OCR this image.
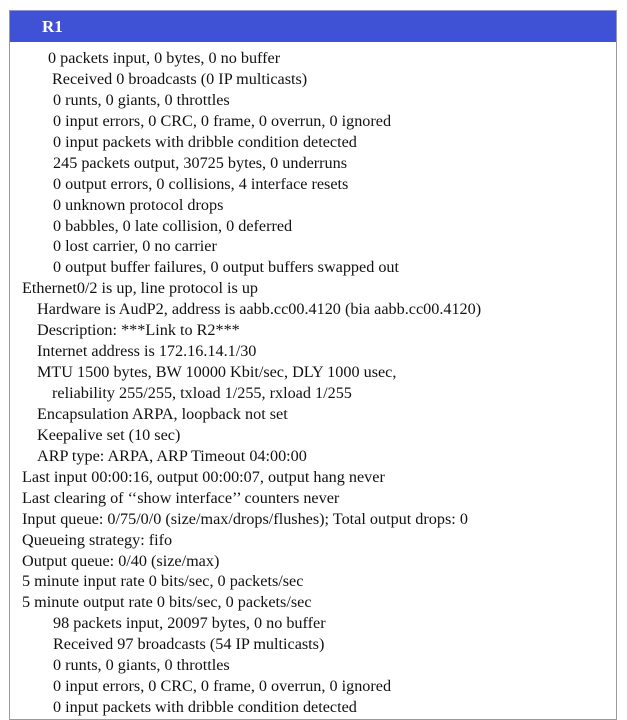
R1
0 packets input, 0 bytes, 0 no buffer
Received 0 broadcasts (0 IP multicasts)
0 runts, 0 giants, 0 throttles
0 input errors, 0 CRC, 0 frame, 0 overrun, 0 ignored
0 input packets with dribble condition detected
245 packets output, 30725 bytes, 0 underruns
0 output errors, 0 collisions, 4 interface resets
0 unknown protocol drops
0 babbles, 0 late collision, 0 deferred
0 lost carrier, 0 no carrier
0 output buffer failures, 0 output buffers swapped out
Ethernet0/2 is up, line protocol is up
Hardware is AudP2, address is aabb.cc00.4120 (bia aabb.cc00.4120)
Description: ***Link to R2***
Internet address is 172.16.14.1/30
MTU 1500 bytes, BW 10000 Kbit/sec, DLY 1000 usec,
reliability 255/255, txload 1/255, rxload 1/255
Encapsulation ARPA, loopback not set
Keepalive set (10 sec)
ARP type: ARPA, ARP Timeout 04:00:00
Last input 00:00:16, output 00:00:07, output hang never
Last clearing of ‘‘show interface’’ counters never
Input queue: 0/75/0/0 (size/max/drops/flushes); Total output drops: 0
Queueing strategy: fifo
Output queue: 0/40 (size/max)
5 minute input rate 0 bits/sec, 0 packets/sec
5 minute output rate 0 bits/sec, 0 packets/sec
98 packets input, 20097 bytes, 0 no buffer
Received 97 broadcasts (54 IP multicasts)
0 runts, 0 giants, 0 throttles
0 input errors, 0 CRC, 0 frame, 0 overrun, 0 ignored
0 input packets with dribble condition detected
